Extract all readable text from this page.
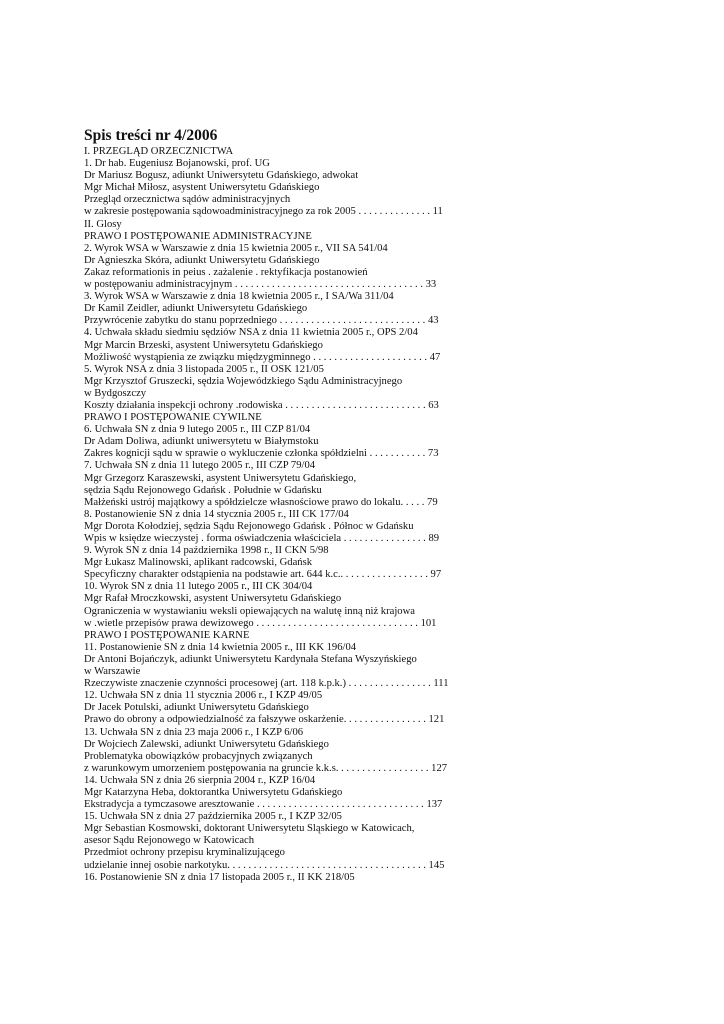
Spis treści nr 4/2006
I. PRZEGLĄD ORZECZNICTWA
1. Dr hab. Eugeniusz Bojanowski, prof. UG
Dr Mariusz Bogusz, adiunkt Uniwersytetu Gdańskiego, adwokat
Mgr Michał Miłosz, asystent Uniwersytetu Gdańskiego
Przegląd orzecznictwa sądów administracyjnych
w zakresie postępowania sądowoadministracyjnego za rok 2005 . . . . . . . . . . . . . . 11
II. Glosy
PRAWO I POSTĘPOWANIE ADMINISTRACYJNE
2. Wyrok WSA w Warszawie z dnia 15 kwietnia 2005 r., VII SA 541/04
Dr Agnieszka Skóra, adiunkt Uniwersytetu Gdańskiego
Zakaz reformationis in peius . zażalenie . rektyfikacja postanowień
w postępowaniu administracyjnym . . . . . . . . . . . . . . . . . . . . . . . . . . . . . . . . . . . . 33
3. Wyrok WSA w Warszawie z dnia 18 kwietnia 2005 r., I SA/Wa 311/04
Dr Kamil Zeidler, adiunkt Uniwersytetu Gdańskiego
Przywrócenie zabytku do stanu poprzedniego . . . . . . . . . . . . . . . . . . . . . . . . . . . . 43
4. Uchwała składu siedmiu sędziów NSA z dnia 11 kwietnia 2005 r., OPS 2/04
Mgr Marcin Brzeski, asystent Uniwersytetu Gdańskiego
Możliwość wystąpienia ze związku międzygminnego . . . . . . . . . . . . . . . . . . . . . . 47
5. Wyrok NSA z dnia 3 listopada 2005 r., II OSK 121/05
Mgr Krzysztof Gruszecki, sędzia Wojewódzkiego Sądu Administracyjnego
w Bydgoszczy
Koszty działania inspekcji ochrony .rodowiska . . . . . . . . . . . . . . . . . . . . . . . . . . . 63
PRAWO I POSTĘPOWANIE CYWILNE
6. Uchwała SN z dnia 9 lutego 2005 r., III CZP 81/04
Dr Adam Doliwa, adiunkt uniwersytetu w Białymstoku
Zakres kognicji sądu w sprawie o wykluczenie członka spółdzielni . . . . . . . . . . . 73
7. Uchwała SN z dnia 11 lutego 2005 r., III CZP 79/04
Mgr Grzegorz Karaszewski, asystent Uniwersytetu Gdańskiego,
sędzia Sądu Rejonowego Gdańsk . Południe w Gdańsku
Małżeński ustrój majątkowy a spółdzielcze własnościowe prawo do lokalu. . . . . 79
8. Postanowienie SN z dnia 14 stycznia 2005 r., III CK 177/04
Mgr Dorota Kołodziej, sędzia Sądu Rejonowego Gdańsk . Północ w Gdańsku
Wpis w księdze wieczystej . forma oświadczenia właściciela . . . . . . . . . . . . . . . . 89
9. Wyrok SN z dnia 14 października 1998 r., II CKN 5/98
Mgr Łukasz Malinowski, aplikant radcowski, Gdańsk
Specyficzny charakter odstąpienia na podstawie art. 644 k.c.. . . . . . . . . . . . . . . . . 97
10. Wyrok SN z dnia 11 lutego 2005 r., III CK 304/04
Mgr Rafał Mroczkowski, asystent Uniwersytetu Gdańskiego
Ograniczenia w wystawianiu weksli opiewających na walutę inną niż krajowa
w .wietle przepisów prawa dewizowego . . . . . . . . . . . . . . . . . . . . . . . . . . . . . . . 101
PRAWO I POSTĘPOWANIE KARNE
11. Postanowienie SN z dnia 14 kwietnia 2005 r., III KK 196/04
Dr Antoni Bojańczyk, adiunkt Uniwersytetu Kardynała Stefana Wyszyńskiego
w Warszawie
Rzeczywiste znaczenie czynności procesowej (art. 118 k.p.k.) . . . . . . . . . . . . . . . . 111
12. Uchwała SN z dnia 11 stycznia 2006 r., I KZP 49/05
Dr Jacek Potulski, adiunkt Uniwersytetu Gdańskiego
Prawo do obrony a odpowiedzialność za fałszywe oskarżenie. . . . . . . . . . . . . . . . 121
13. Uchwała SN z dnia 23 maja 2006 r., I KZP 6/06
Dr Wojciech Zalewski, adiunkt Uniwersytetu Gdańskiego
Problematyka obowiązków probacyjnych związanych
z warunkowym umorzeniem postępowania na gruncie k.k.s. . . . . . . . . . . . . . . . . . 127
14. Uchwała SN z dnia 26 sierpnia 2004 r., KZP 16/04
Mgr Katarzyna Heba, doktorantka Uniwersytetu Gdańskiego
Ekstradycja a tymczasowe aresztowanie . . . . . . . . . . . . . . . . . . . . . . . . . . . . . . . . 137
15. Uchwała SN z dnia 27 października 2005 r., I KZP 32/05
Mgr Sebastian Kosmowski, doktorant Uniwersytetu Śląskiego w Katowicach,
asesor Sądu Rejonowego w Katowicach
Przedmiot ochrony przepisu kryminalizującego
udzielanie innej osobie narkotyku. . . . . . . . . . . . . . . . . . . . . . . . . . . . . . . . . . . . . . 145
16. Postanowienie SN z dnia 17 listopada 2005 r., II KK 218/05
